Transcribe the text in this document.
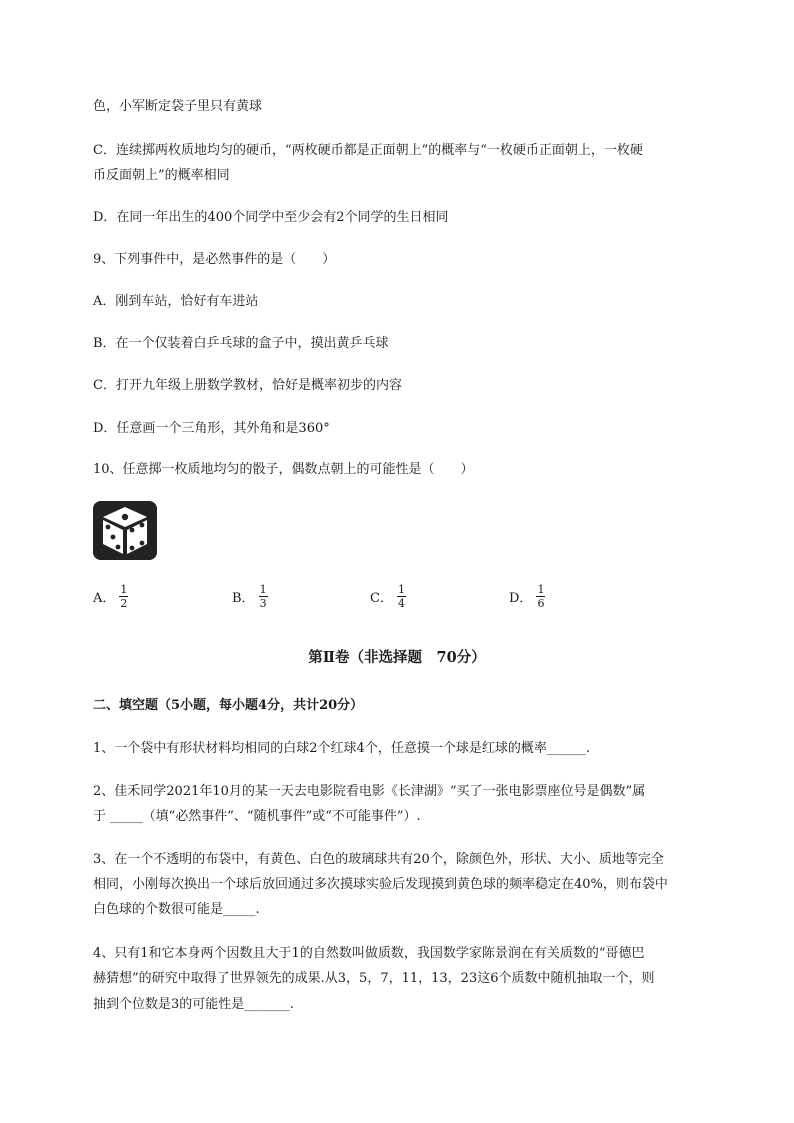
色，小军断定袋子里只有黄球
C．连续掷两枚质地均匀的硬币，“两枚硬币都是正面朝上”的概率与“一枚硬币正面朝上，一枚硬
币反面朝上”的概率相同
D．在同一年出生的400个同学中至少会有2个同学的生日相同
9、下列事件中，是必然事件的是（　　）
A．刚到车站，恰好有车进站
B．在一个仅装着白乒乓球的盒子中，摸出黄乒乓球
C．打开九年级上册数学教材，恰好是概率初步的内容
D．任意画一个三角形，其外角和是360°
10、任意掷一枚质地均匀的骰子，偶数点朝上的可能性是（　　）
A． $\frac{1}{2}$	B． $\frac{1}{3}$	C． $\frac{1}{4}$	D． $\frac{1}{6}$
第Ⅱ卷（非选择题　70分）
二、填空题（5小题，每小题4分，共计20分）
1、一个袋中有形状材料均相同的白球2个红球4个，任意摸一个球是红球的概率______.
2、佳禾同学2021年10月的某一天去电影院看电影《长津湖》“买了一张电影票座位号是偶数”属
于 _____（填“必然事件”、“随机事件”或“不可能事件”）.
3、在一个不透明的布袋中，有黄色、白色的玻璃球共有20个，除颜色外，形状、大小、质地等完全
相同，小刚每次换出一个球后放回通过多次摸球实验后发现摸到黄色球的频率稳定在40%，则布袋中
白色球的个数很可能是_____.
4、只有1和它本身两个因数且大于1的自然数叫做质数，我国数学家陈景润在有关质数的“哥德巴
赫猜想”的研究中取得了世界领先的成果.从3，5，7，11，13，23这6个质数中随机抽取一个，则
抽到个位数是3的可能性是_______.
